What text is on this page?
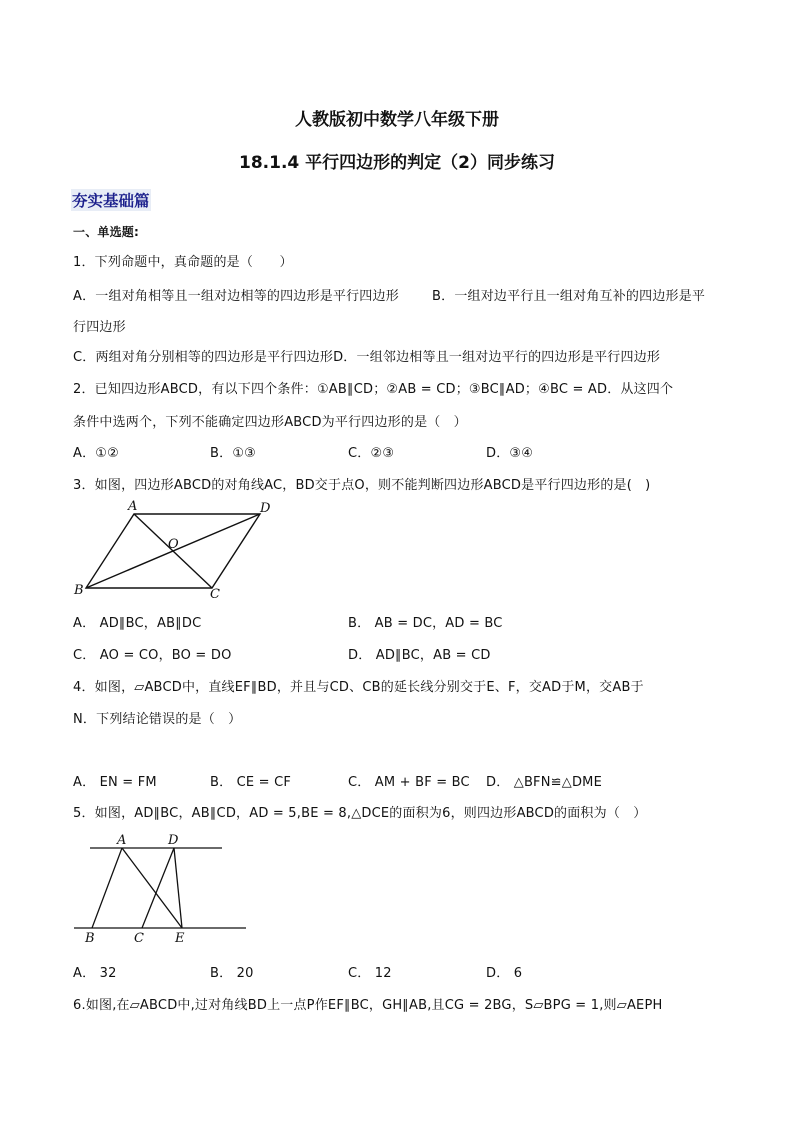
人教版初中数学八年级下册
18.1.4 平行四边形的判定（2）同步练习
夯实基础篇
一、单选题:
1．下列命题中，真命题的是（　　）
A．一组对角相等且一组对边相等的四边形是平行四边形	B．一组对边平行且一组对角互补的四边形是平
行四边形
C．两组对角分别相等的四边形是平行四边形D．一组邻边相等且一组对边平行的四边形是平行四边形
2．已知四边形ABCD，有以下四个条件：①AB∥CD；②AB = CD；③BC∥AD；④BC = AD．从这四个
条件中选两个，下列不能确定四边形ABCD为平行四边形的是（　）
A．①②	B．①③	C．②③	D．③④
3．如图，四边形ABCD的对角线AC，BD交于点O，则不能判断四边形ABCD是平行四边形的是(　)
A	D
O
B	C
A． AD∥BC，AB∥DC	B． AB = DC，AD = BC
C． AO = CO，BO = DO	D． AD∥BC，AB = CD
4．如图，▱ABCD中，直线EF∥BD，并且与CD、CB的延长线分别交于E、F，交AD于M，交AB于
N．下列结论错误的是（　）
A． EN = FM	B． CE = CF	C． AM + BF = BC D． △BFN≌△DME
5．如图，AD∥BC，AB∥CD，AD = 5,BE = 8,△DCE的面积为6，则四边形ABCD的面积为（　）
A	D
B	C E
A． 32	B． 20	C． 12	D． 6
6.如图,在▱ABCD中,过对角线BD上一点P作EF∥BC，GH∥AB,且CG = 2BG，S▱BPG = 1,则▱AEPH
